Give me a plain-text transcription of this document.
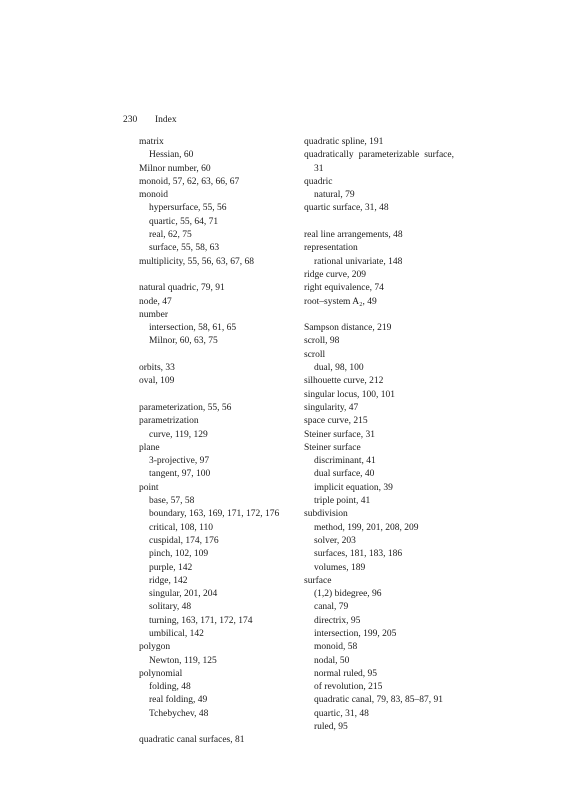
230 Index
matrix
Hessian, 60
Milnor number, 60
monoid, 57, 62, 63, 66, 67
monoid
hypersurface, 55, 56
quartic, 55, 64, 71
real, 62, 75
surface, 55, 58, 63
multiplicity, 55, 56, 63, 67, 68
natural quadric, 79, 91
node, 47
number
intersection, 58, 61, 65
Milnor, 60, 63, 75
orbits, 33
oval, 109
parameterization, 55, 56
parametrization
curve, 119, 129
plane
3-projective, 97
tangent, 97, 100
point
base, 57, 58
boundary, 163, 169, 171, 172, 176
critical, 108, 110
cuspidal, 174, 176
pinch, 102, 109
purple, 142
ridge, 142
singular, 201, 204
solitary, 48
turning, 163, 171, 172, 174
umbilical, 142
polygon
Newton, 119, 125
polynomial
folding, 48
real folding, 49
Tchebychev, 48
quadratic canal surfaces, 81
quadratic spline, 191
quadratically parameterizable surface, 31
quadric
natural, 79
quartic surface, 31, 48
real line arrangements, 48
representation
rational univariate, 148
ridge curve, 209
right equivalence, 74
root–system A₂, 49
Sampson distance, 219
scroll, 98
scroll
dual, 98, 100
silhouette curve, 212
singular locus, 100, 101
singularity, 47
space curve, 215
Steiner surface, 31
Steiner surface
discriminant, 41
dual surface, 40
implicit equation, 39
triple point, 41
subdivision
method, 199, 201, 208, 209
solver, 203
surfaces, 181, 183, 186
volumes, 189
surface
(1,2) bidegree, 96
canal, 79
directrix, 95
intersection, 199, 205
monoid, 58
nodal, 50
normal ruled, 95
of revolution, 215
quadratic canal, 79, 83, 85–87, 91
quartic, 31, 48
ruled, 95
